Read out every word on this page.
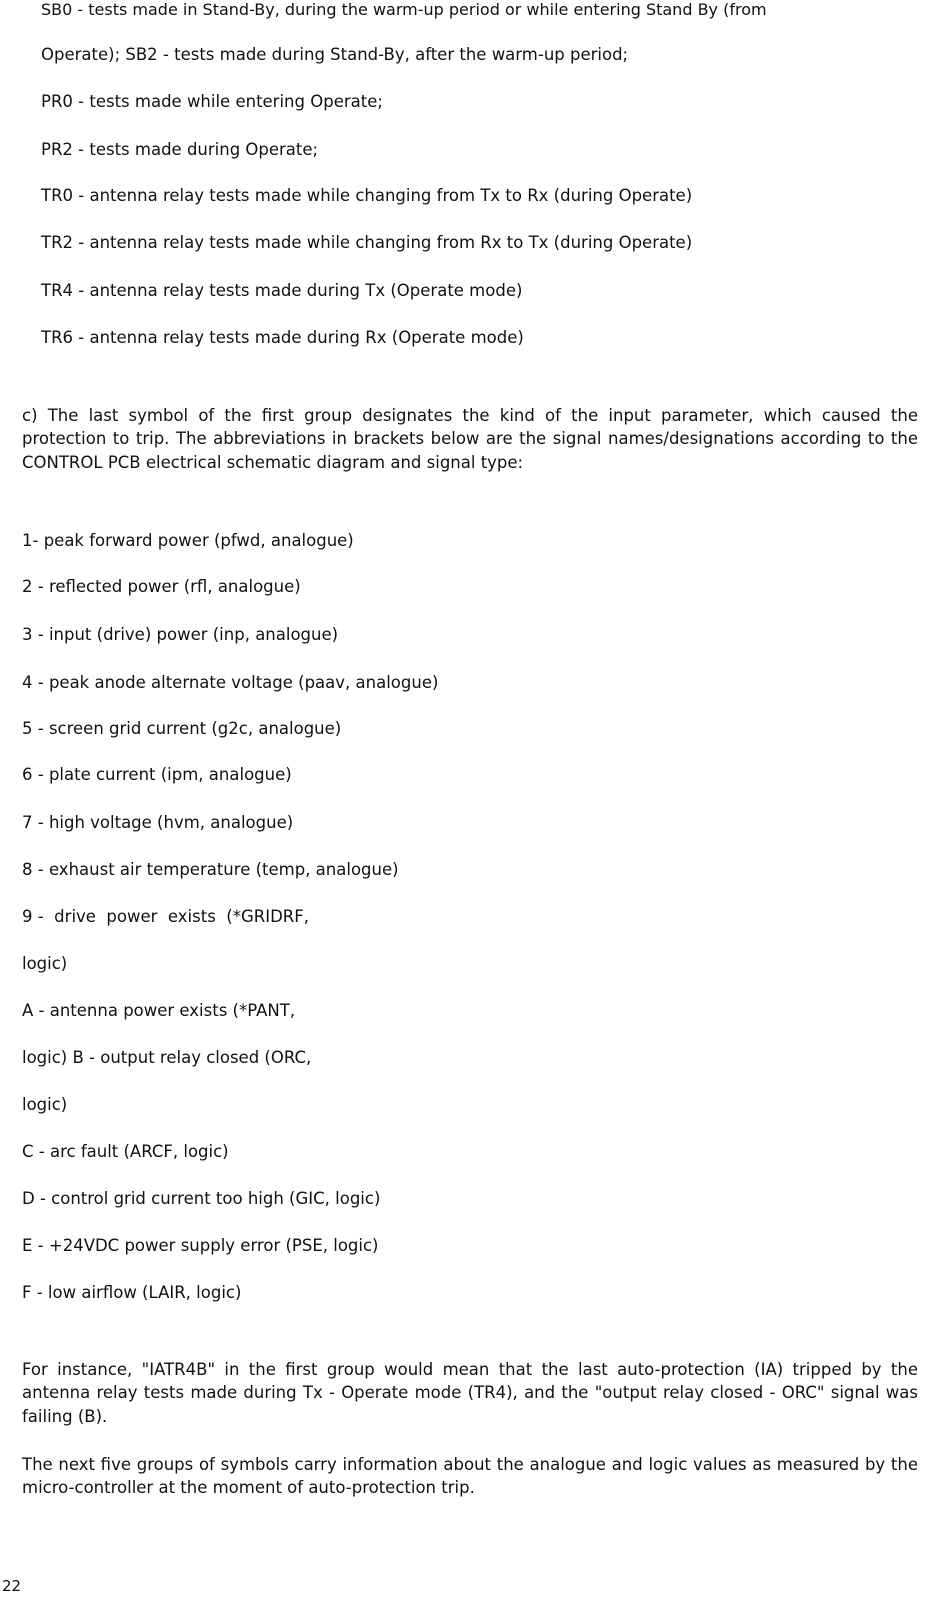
SB0 - tests made in Stand-By, during the warm-up period or while entering Stand By (from

Operate); SB2 - tests made during Stand-By, after the warm-up period;

PR0 - tests made while entering Operate;

PR2 - tests made during Operate;

TR0 - antenna relay tests made while changing from Tx to Rx (during Operate)

TR2 - antenna relay tests made while changing from Rx to Tx (during Operate)

TR4 - antenna relay tests made during Tx (Operate mode)

TR6 - antenna relay tests made during Rx (Operate mode)

c) The last symbol of the first group designates the kind of the input parameter, which caused the protection to trip. The abbreviations in brackets below are the signal names/designations according to the CONTROL PCB electrical schematic diagram and signal type:

1- peak forward power (pfwd, analogue)

2 - reflected power (rfl, analogue)

3 - input (drive) power (inp, analogue)

4 - peak anode alternate voltage (paav, analogue)

5 - screen grid current (g2c, analogue)

6 - plate current (ipm, analogue)

7 - high voltage (hvm, analogue)

8 - exhaust air temperature (temp, analogue)

9 -  drive  power  exists  (*GRIDRF,

logic)

A - antenna power exists (*PANT,

logic) B - output relay closed (ORC,

logic)

C - arc fault (ARCF, logic)

D - control grid current too high (GIC, logic)

E - +24VDC power supply error (PSE, logic)

F - low airflow (LAIR, logic)

For instance, "IATR4B" in the first group would mean that the last auto-protection (IA) tripped by the antenna relay tests made during Tx - Operate mode (TR4), and the "output relay closed - ORC" signal was failing (B).

The next five groups of symbols carry information about the analogue and logic values as measured by the micro-controller at the moment of auto-protection trip.

22
